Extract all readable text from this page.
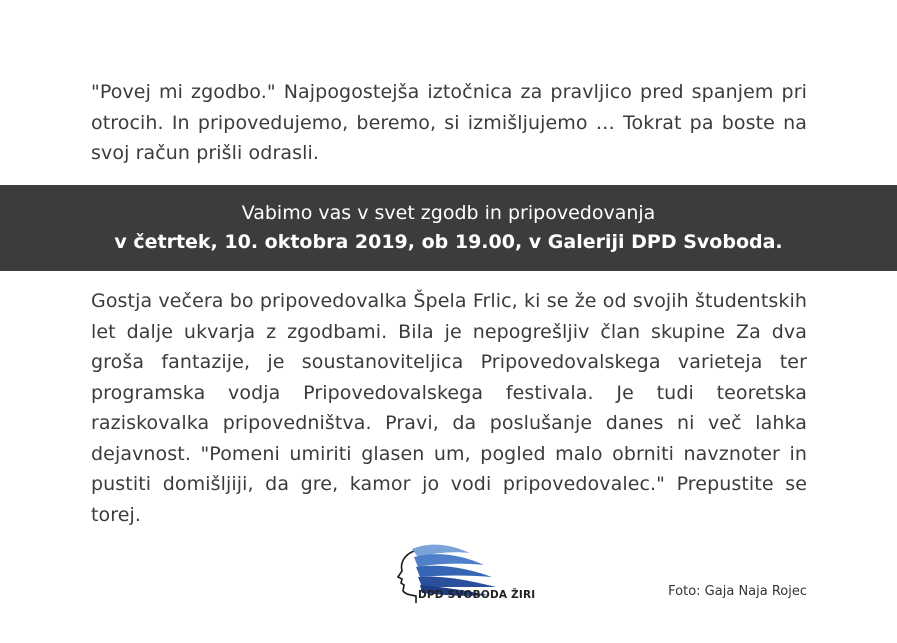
"Povej mi zgodbo." Najpogostejša iztočnica za pravljico pred spanjem pri otrocih. In pripovedujemo, beremo, si izmišljujemo … Tokrat pa boste na svoj račun prišli odrasli.

Vabimo vas v svet zgodb in pripovedovanja
v četrtek, 10. oktobra 2019, ob 19.00, v Galeriji DPD Svoboda.

Gostja večera bo pripovedovalka Špela Frlic, ki se že od svojih študentskih let dalje ukvarja z zgodbami. Bila je nepogrešljiv član skupine Za dva groša fantazije, je soustanoviteljica Pripovedovalskega varieteja ter programska vodja Pripovedovalskega festivala. Je tudi teoretska raziskovalka pripovedništva. Pravi, da poslušanje danes ni več lahka dejavnost. "Pomeni umiriti glasen um, pogled malo obrniti navznoter in pustiti domišljiji, da gre, kamor jo vodi pripovedovalec." Prepustite se torej.

DPD SVOBODA ŽIRI	Foto: Gaja Naja Rojec
